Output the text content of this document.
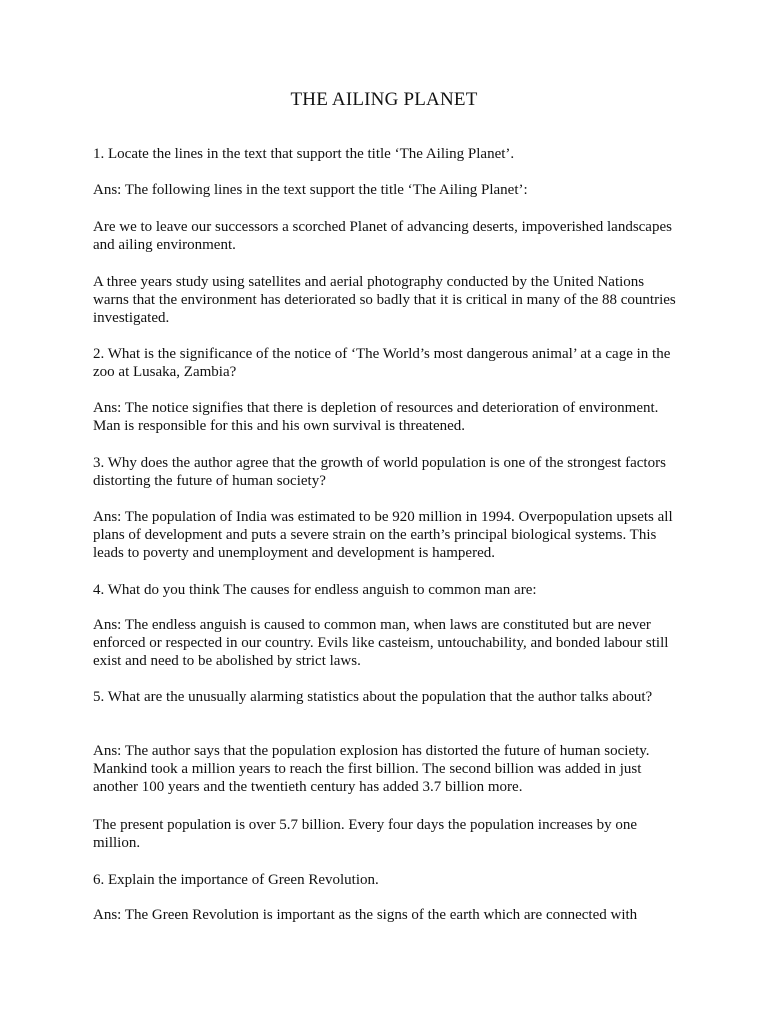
THE AILING PLANET

1. Locate the lines in the text that support the title ‘The Ailing Planet’.

Ans: The following lines in the text support the title ‘The Ailing Planet’:

Are we to leave our successors a scorched Planet of advancing deserts, impoverished landscapes and ailing environment.

A three years study using satellites and aerial photography conducted by the United Nations warns that the environment has deteriorated so badly that it is critical in many of the 88 countries investigated.

2. What is the significance of the notice of ‘The World’s most dangerous animal’ at a cage in the zoo at Lusaka, Zambia?

Ans: The notice signifies that there is depletion of resources and deterioration of environment. Man is responsible for this and his own survival is threatened.

3. Why does the author agree that the growth of world population is one of the strongest factors distorting the future of human society?

Ans: The population of India was estimated to be 920 million in 1994. Overpopulation upsets all plans of development and puts a severe strain on the earth’s principal biological systems. This leads to poverty and unemployment and development is hampered.

4. What do you think The causes for endless anguish to common man are:

Ans: The endless anguish is caused to common man, when laws are constituted but are never enforced or respected in our country. Evils like casteism, untouchability, and bonded labour still exist and need to be abolished by strict laws.

5. What are the unusually alarming statistics about the population that the author talks about?

Ans: The author says that the population explosion has distorted the future of human society. Mankind took a million years to reach the first billion. The second billion was added in just another 100 years and the twentieth century has added 3.7 billion more.

The present population is over 5.7 billion. Every four days the population increases by one million.

6. Explain the importance of Green Revolution.

Ans: The Green Revolution is important as the signs of the earth which are connected with
